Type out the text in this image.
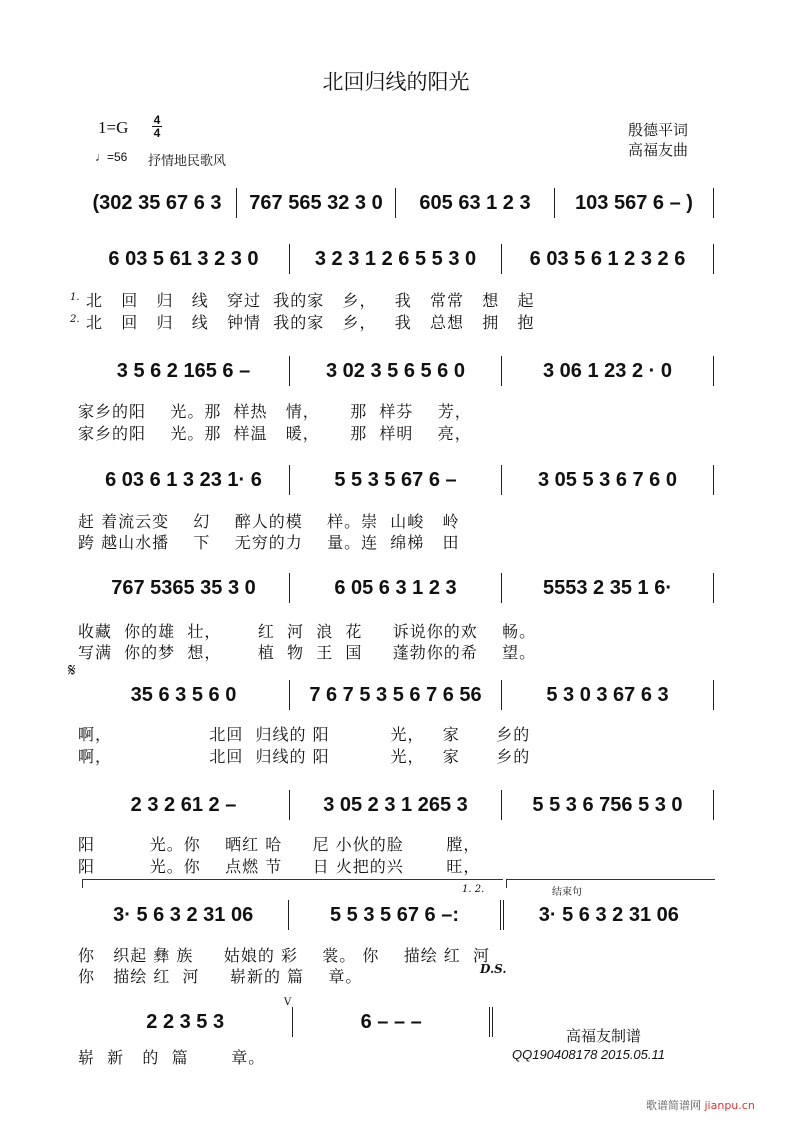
北回归线的阳光
1=G 4
4
♩=56 抒情地民歌风
殷德平词
高福友曲
(302 35 67 6 3	767 565 32 3 0	605 63 1 2 3	103 567 6 – )
6 03 5 61 3 2 3 0	3 2 3 1 2 6 5 5 3 0	6 03 5 6 1 2 3 2 6
1.
2.
北   回   归   线   穿过  我的家   乡，   我   常常   想   起
北   回   归   线   钟情  我的家   乡，   我   总想   拥   抱
3 5 6 2 165 6 –	3 02 3 5 6 5 6 0	3 06 1 23 2 · 0
家乡的阳    光。那  样热   情，     那  样芬    芳，
家乡的阳    光。那  样温   暖，     那  样明    亮，
6 03 6 1 3 23 1· 6	5 5 3 5 67 6 –	3 05 5 3 6 7 6 0
赶 着流云变    幻    醉人的模    样。崇  山峻   岭
跨 越山水播    下    无穷的力    量。连  绵梯   田
767 5365 35 3 0	6 05 6 3 1 2 3	5553 2 35 1 6·
收藏  你的雄  壮，      红  河  浪  花     诉说你的欢    畅。
写满  你的梦  想，      植  物  王  国     蓬勃你的希    望。
𝄋
35 6 3 5 6 0	7 6 7 5 3 5 6 7 6 56	5 3 0 3 67 6 3
啊，                北回  归线的 阳          光，   家      乡的
啊，                北回  归线的 阳          光，   家      乡的
2 3 2 61 2 –	3 05 2 3 1 265 3	5 5 3 6 756 5 3 0
阳         光。你    晒红 哈     尼 小伙的脸       膛，
阳         光。你    点燃 节     日 火把的兴       旺，
1. 2.	结束句
3· 5 6 3 2 31 06	5 5 3 5 67 6 –:	3· 5 6 3 2 31 06
你   织起 彝 族     姑娘的 彩    裳。 你    描绘 红  河
你   描绘 红  河     崭新的 篇    章。	D.S.
2 2 3 5 3	6 – – –
V
崭  新   的  篇       章。
高福友制谱
QQ190408178 2015.05.11
歌谱简谱网 jianpu.cn
